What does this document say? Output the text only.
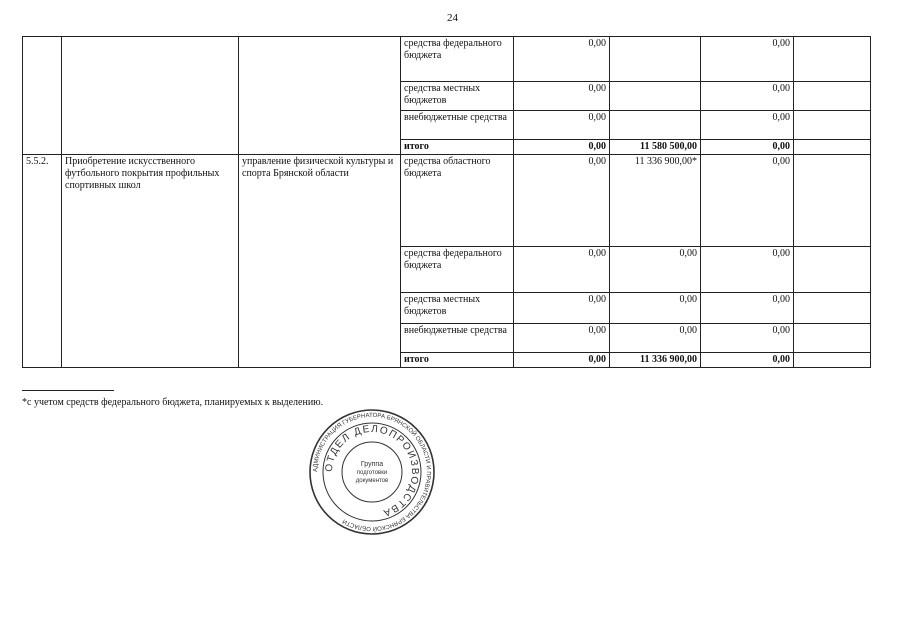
24
			средства федерального бюджета	0,00		0,00	
			средства местных бюджетов	0,00		0,00	
			внебюджетные средства	0,00		0,00	
			итого	0,00	11 580 500,00	0,00	
5.5.2.	Приобретение искусственного футбольного покрытия профильных спортивных школ	управление физической культуры и спорта Брянской области	средства областного бюджета	0,00	11 336 900,00*	0,00	
			средства федерального бюджета	0,00	0,00	0,00	
			средства местных бюджетов	0,00	0,00	0,00	
			внебюджетные средства	0,00	0,00	0,00	
			итого	0,00	11 336 900,00	0,00	
*с учетом средств федерального бюджета, планируемых к выделению.
АДМИНИСТРАЦИЯ ГУБЕРНАТОРА БРЯНСКОЙ ОБЛАСТИ И ПРАВИТЕЛЬСТВА БРЯНСКОЙ ОБЛАСТИ
ОТДЕЛ ДЕЛОПРОИЗВОДСТВА
Группа
подготовки
документов
